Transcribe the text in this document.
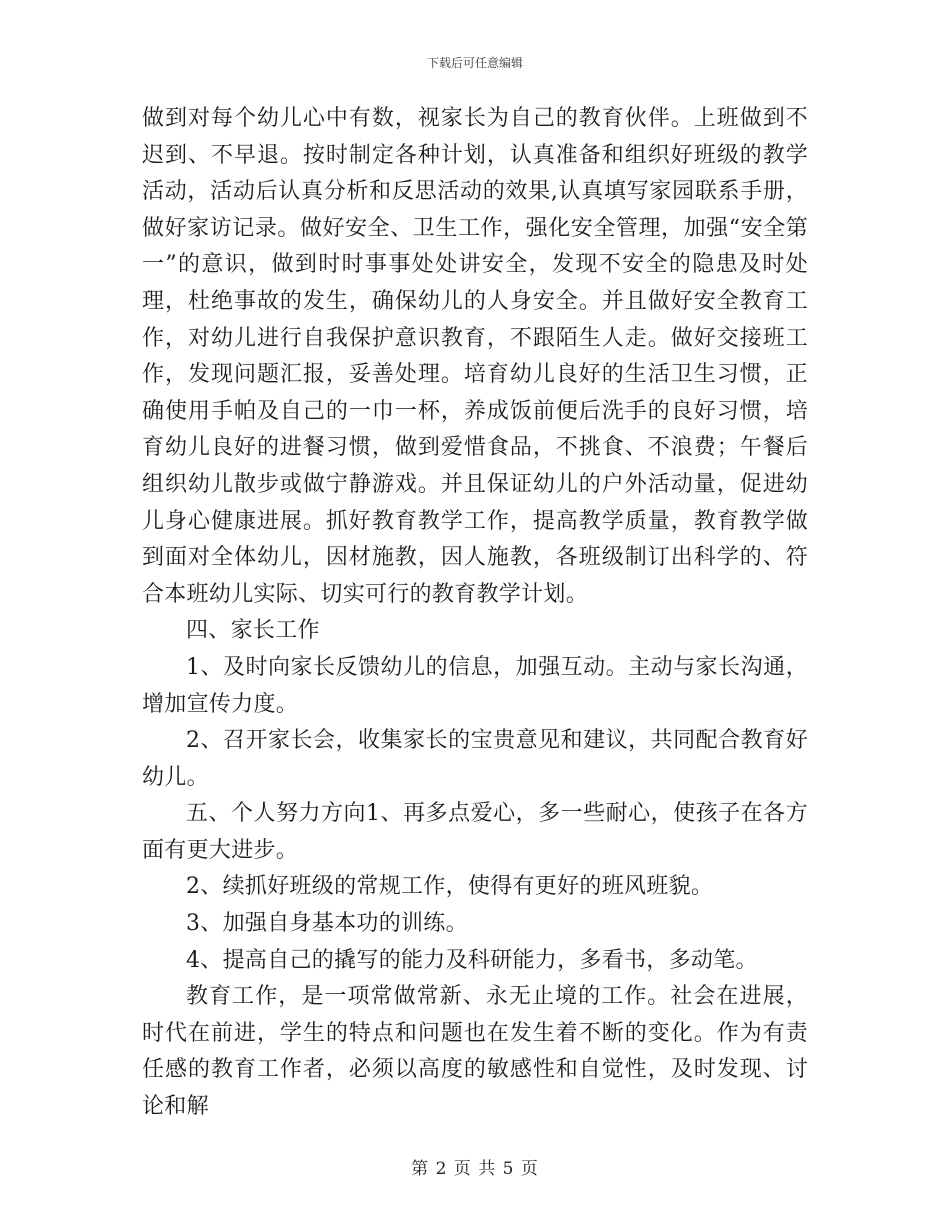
下载后可任意编辑

做到对每个幼儿心中有数，视家长为自己的教育伙伴。上班做到不迟到、不早退。按时制定各种计划，认真准备和组织好班级的教学活动，活动后认真分析和反思活动的效果,认真填写家园联系手册，做好家访记录。做好安全、卫生工作，强化安全管理，加强“安全第一”的意识，做到时时事事处处讲安全，发现不安全的隐患及时处理，杜绝事故的发生，确保幼儿的人身安全。并且做好安全教育工作，对幼儿进行自我保护意识教育，不跟陌生人走。做好交接班工作，发现问题汇报，妥善处理。培育幼儿良好的生活卫生习惯，正确使用手帕及自己的一巾一杯，养成饭前便后洗手的良好习惯，培育幼儿良好的进餐习惯，做到爱惜食品，不挑食、不浪费；午餐后组织幼儿散步或做宁静游戏。并且保证幼儿的户外活动量，促进幼儿身心健康进展。抓好教育教学工作，提高教学质量，教育教学做到面对全体幼儿，因材施教，因人施教，各班级制订出科学的、符合本班幼儿实际、切实可行的教育教学计划。

四、家长工作

1、及时向家长反馈幼儿的信息，加强互动。主动与家长沟通，增加宣传力度。

2、召开家长会，收集家长的宝贵意见和建议，共同配合教育好幼儿。

五、个人努力方向1、再多点爱心，多一些耐心，使孩子在各方面有更大进步。

2、续抓好班级的常规工作，使得有更好的班风班貌。

3、加强自身基本功的训练。

4、提高自己的撬写的能力及科研能力，多看书，多动笔。

教育工作，是一项常做常新、永无止境的工作。社会在进展，时代在前进，学生的特点和问题也在发生着不断的变化。作为有责任感的教育工作者，必须以高度的敏感性和自觉性，及时发现、讨论和解

第 2 页 共 5 页
